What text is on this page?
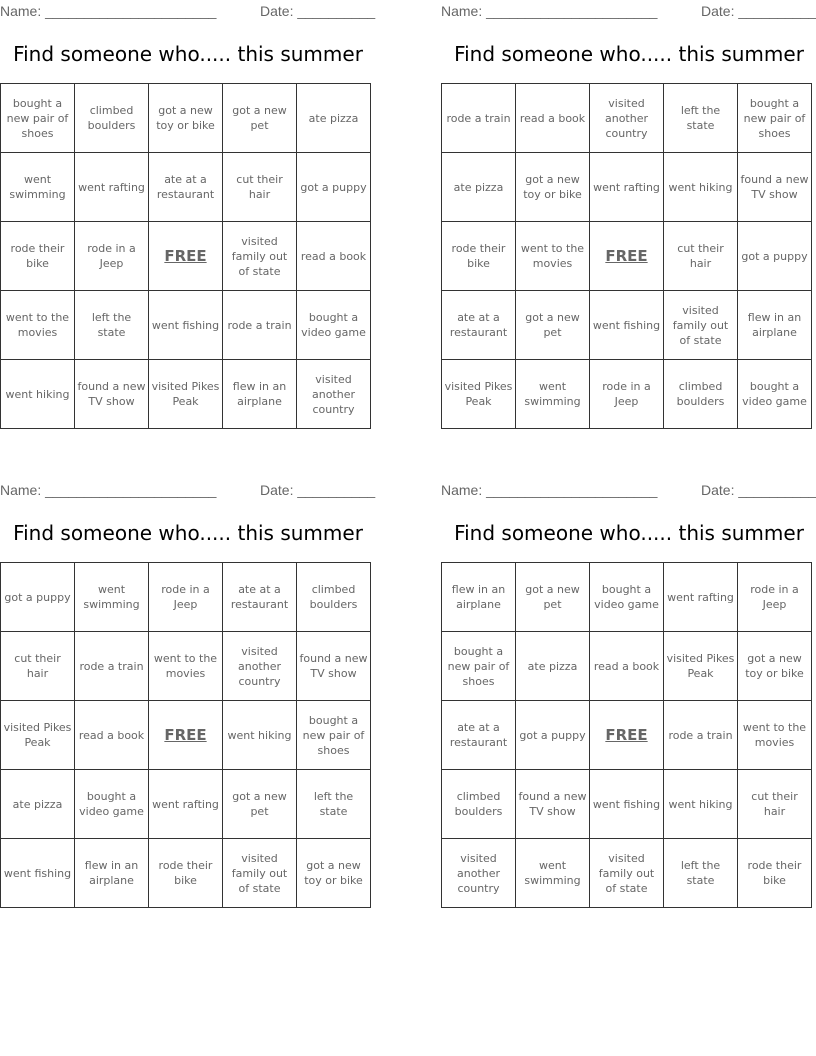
Name: ______________________	Date: __________
Find someone who..... this summer
bought a new pair of shoes	climbed boulders	got a new toy or bike	got a new pet	ate pizza
went swimming	went rafting	ate at a restaurant	cut their hair	got a puppy
rode their bike	rode in a Jeep	FREE	visited family out of state	read a book
went to the movies	left the state	went fishing	rode a train	bought a video game
went hiking	found a new TV show	visited Pikes Peak	flew in an airplane	visited another country
Name: ______________________	Date: __________
Find someone who..... this summer
rode a train	read a book	visited another country	left the state	bought a new pair of shoes
ate pizza	got a new toy or bike	went rafting	went hiking	found a new TV show
rode their bike	went to the movies	FREE	cut their hair	got a puppy
ate at a restaurant	got a new pet	went fishing	visited family out of state	flew in an airplane
visited Pikes Peak	went swimming	rode in a Jeep	climbed boulders	bought a video game
Name: ______________________	Date: __________
Find someone who..... this summer
got a puppy	went swimming	rode in a Jeep	ate at a restaurant	climbed boulders
cut their hair	rode a train	went to the movies	visited another country	found a new TV show
visited Pikes Peak	read a book	FREE	went hiking	bought a new pair of shoes
ate pizza	bought a video game	went rafting	got a new pet	left the state
went fishing	flew in an airplane	rode their bike	visited family out of state	got a new toy or bike
Name: ______________________	Date: __________
Find someone who..... this summer
flew in an airplane	got a new pet	bought a video game	went rafting	rode in a Jeep
bought a new pair of shoes	ate pizza	read a book	visited Pikes Peak	got a new toy or bike
ate at a restaurant	got a puppy	FREE	rode a train	went to the movies
climbed boulders	found a new TV show	went fishing	went hiking	cut their hair
visited another country	went swimming	visited family out of state	left the state	rode their bike
